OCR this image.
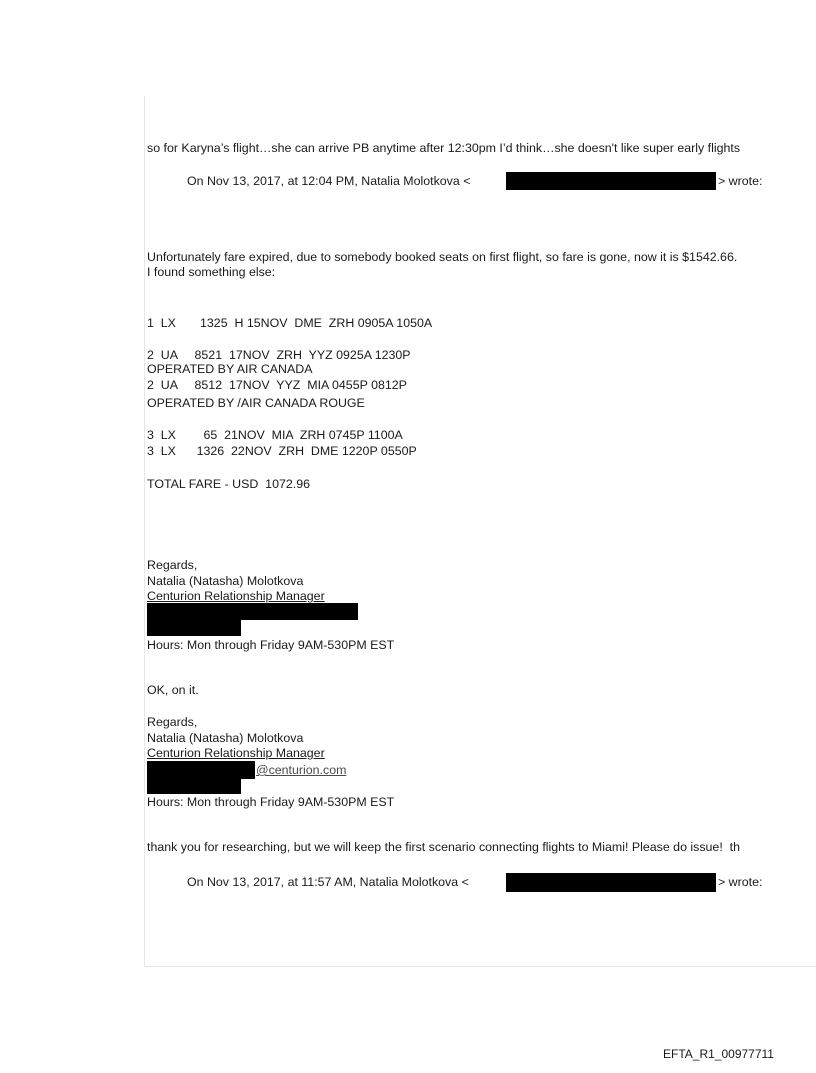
so for Karyna’s flight…she can arrive PB anytime after 12:30pm I’d think…she doesn't like super early flights
On Nov 13, 2017, at 12:04 PM, Natalia Molotkova <	> wrote:
Unfortunately fare expired, due to somebody booked seats on first flight, so fare is gone, now it is $1542.66.
I found something else:
1  LX       1325  H 15NOV  DME  ZRH 0905A 1050A
2  UA     8521  17NOV  ZRH  YYZ 0925A 1230P
OPERATED BY AIR CANADA
2  UA     8512  17NOV  YYZ  MIA 0455P 0812P
OPERATED BY /AIR CANADA ROUGE
3  LX        65  21NOV  MIA  ZRH 0745P 1100A
3  LX      1326  22NOV  ZRH  DME 1220P 0550P
TOTAL FARE - USD  1072.96
Regards,
Natalia (Natasha) Molotkova
Centurion Relationship Manager
Hours: Mon through Friday 9AM-530PM EST
OK, on it.
Regards,
Natalia (Natasha) Molotkova
Centurion Relationship Manager
@centurion.com
Hours: Mon through Friday 9AM-530PM EST
thank you for researching, but we will keep the first scenario connecting flights to Miami! Please do issue!  th
On Nov 13, 2017, at 11:57 AM, Natalia Molotkova <	> wrote:
EFTA_R1_00977711
